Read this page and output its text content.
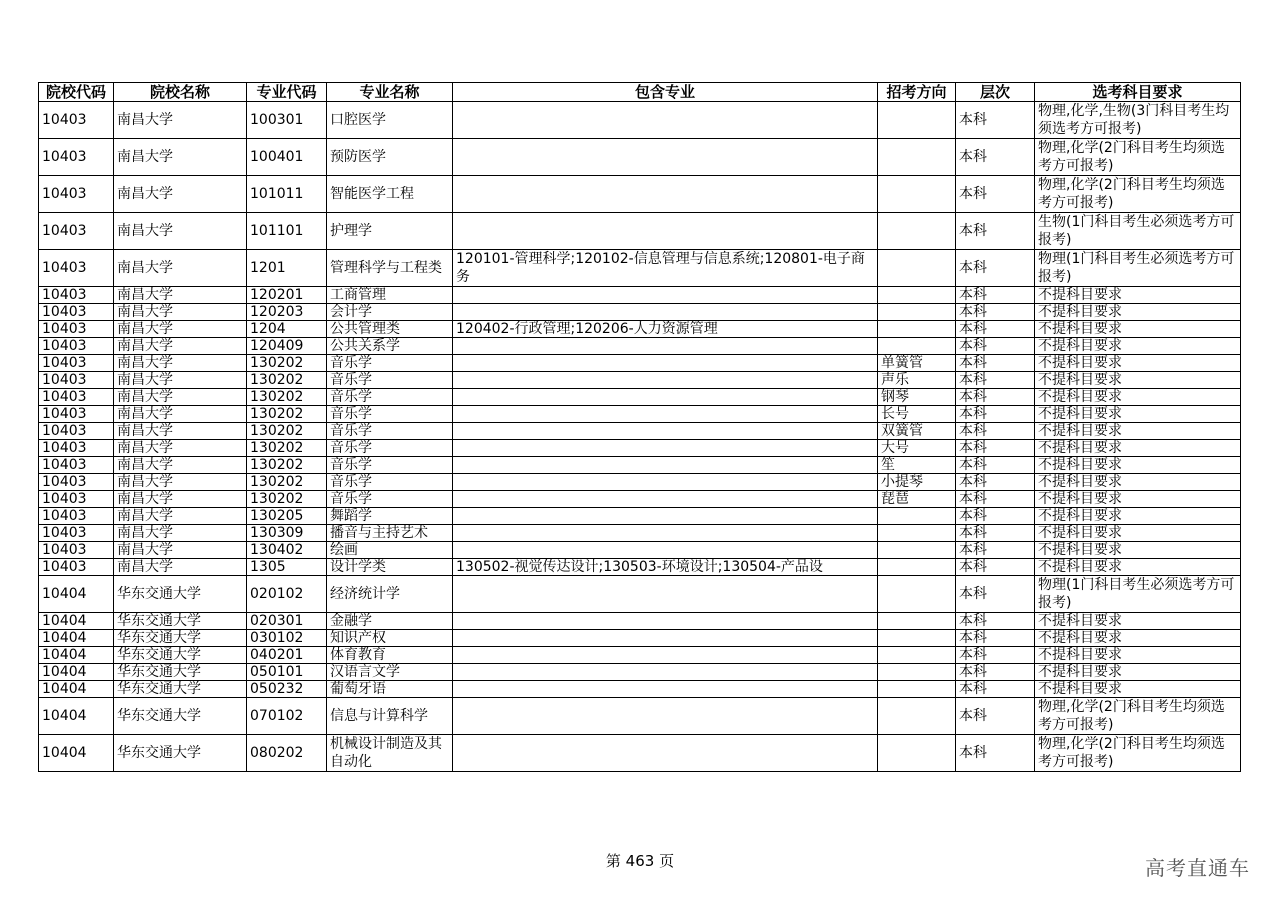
院校代码	院校名称	专业代码	专业名称	包含专业	招考方向	层次	选考科目要求
10403	南昌大学	100301	口腔医学			本科	物理,化学,生物(3门科目考生均须选考方可报考)
10403	南昌大学	100401	预防医学			本科	物理,化学(2门科目考生均须选考方可报考)
10403	南昌大学	101011	智能医学工程			本科	物理,化学(2门科目考生均须选考方可报考)
10403	南昌大学	101101	护理学			本科	生物(1门科目考生必须选考方可报考)
10403	南昌大学	1201	管理科学与工程类	120101-管理科学;120102-信息管理与信息系统;120801-电子商务		本科	物理(1门科目考生必须选考方可报考)
10403	南昌大学	120201	工商管理			本科	不提科目要求
10403	南昌大学	120203	会计学			本科	不提科目要求
10403	南昌大学	1204	公共管理类	120402-行政管理;120206-人力资源管理		本科	不提科目要求
10403	南昌大学	120409	公共关系学			本科	不提科目要求
10403	南昌大学	130202	音乐学		单簧管	本科	不提科目要求
10403	南昌大学	130202	音乐学		声乐	本科	不提科目要求
10403	南昌大学	130202	音乐学		钢琴	本科	不提科目要求
10403	南昌大学	130202	音乐学		长号	本科	不提科目要求
10403	南昌大学	130202	音乐学		双簧管	本科	不提科目要求
10403	南昌大学	130202	音乐学		大号	本科	不提科目要求
10403	南昌大学	130202	音乐学		笙	本科	不提科目要求
10403	南昌大学	130202	音乐学		小提琴	本科	不提科目要求
10403	南昌大学	130202	音乐学		琵琶	本科	不提科目要求
10403	南昌大学	130205	舞蹈学			本科	不提科目要求
10403	南昌大学	130309	播音与主持艺术			本科	不提科目要求
10403	南昌大学	130402	绘画			本科	不提科目要求
10403	南昌大学	1305	设计学类	130502-视觉传达设计;130503-环境设计;130504-产品设		本科	不提科目要求
10404	华东交通大学	020102	经济统计学			本科	物理(1门科目考生必须选考方可报考)
10404	华东交通大学	020301	金融学			本科	不提科目要求
10404	华东交通大学	030102	知识产权			本科	不提科目要求
10404	华东交通大学	040201	体育教育			本科	不提科目要求
10404	华东交通大学	050101	汉语言文学			本科	不提科目要求
10404	华东交通大学	050232	葡萄牙语			本科	不提科目要求
10404	华东交通大学	070102	信息与计算科学			本科	物理,化学(2门科目考生均须选考方可报考)
10404	华东交通大学	080202	机械设计制造及其自动化			本科	物理,化学(2门科目考生均须选考方可报考)
第 463 页	高考直通车
